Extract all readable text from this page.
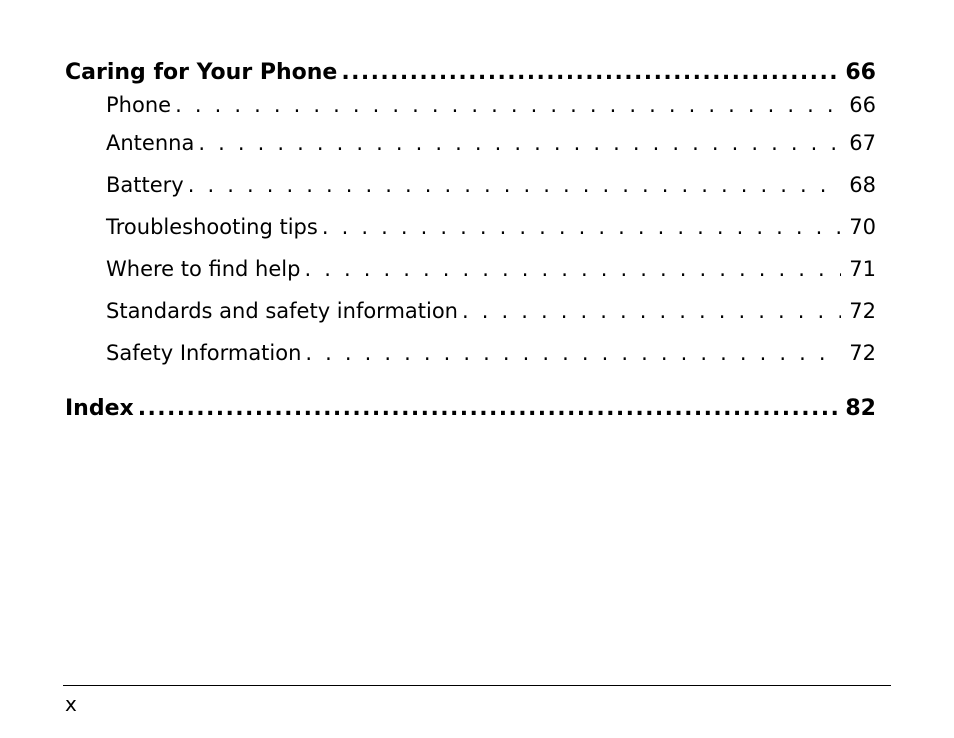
Caring for Your Phone .....	66
Phone . . .	66
Antenna . . .	67
Battery . . .	68
Troubleshooting tips . . .	70
Where to find help . . .	71
Standards and safety information . . .	72
Safety Information . . .	72
Index .....	82
x
